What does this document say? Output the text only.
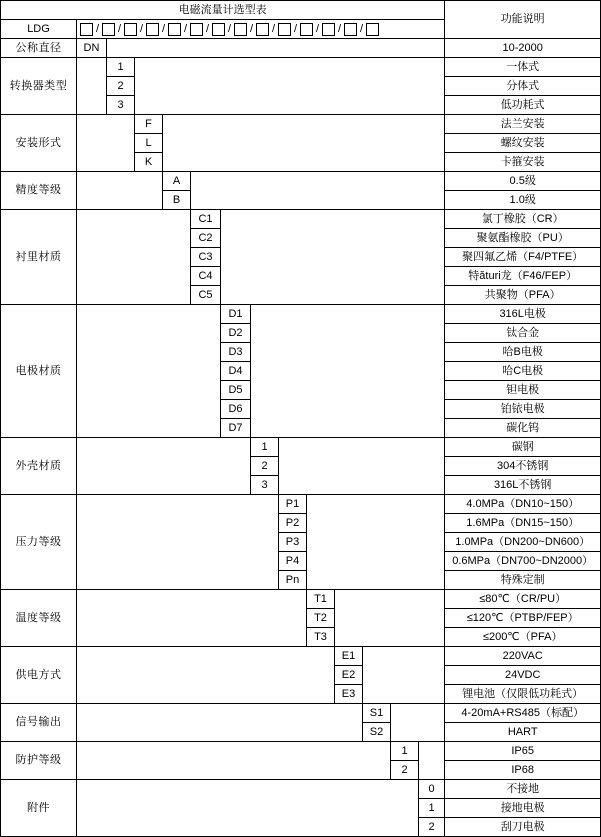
电磁流量计选型表														功能说明
LDG	/ / / / / / / / / / / / /

公称直径	DN													10-2000
转换器类型		1												一体式
		2												分体式
		3												低功耗式
安装形式			F											法兰安装
			L											螺纹安装
			K											卡箍安装
精度等级				A										0.5级
				B										1.0级
衬里材质					C1									氯丁橡胶（CR）
					C2									聚氨酯橡胶（PU）
					C3									聚四氟乙烯（F4/PTFE）
					C4									特ături龙（F46/FEP）
					C5									共聚物（PFA）
电极材质						D1								316L电极
						D2								钛合金
						D3								哈B电极
						D4								哈C电极
						D5								钽电极
						D6								铂铱电极
						D7								碳化钨
外壳材质							1							碳钢
							2							304不锈钢
							3							316L不锈钢
压力等级								P1						4.0MPa（DN10~150）
								P2						1.6MPa（DN15~150）
								P3						1.0MPa（DN200~DN600）
								P4						0.6MPa（DN700~DN2000）
								Pn						特殊定制
温度等级									T1					≤80℃（CR/PU）
									T2					≤120℃（PTBP/FEP）
									T3					≤200℃（PFA）
供电方式										E1				220VAC
										E2				24VDC
										E3				锂电池（仅限低功耗式）
信号输出											S1			4-20mA+RS485（标配）
											S2			HART
防护等级												1		IP65
												2		IP68
附件													0	不接地
													1	接地电极
													2	刮刀电极
